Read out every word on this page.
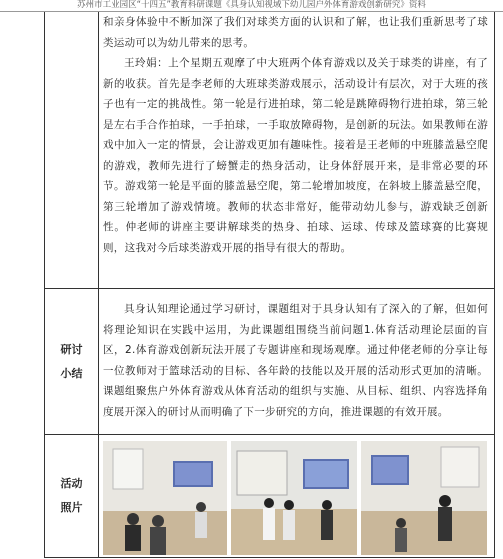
苏州市工业园区“十四五”教育科研课题《具身认知视域下幼儿园户外体育游戏创新研究》资料

和亲身体验中不断加深了我们对球类方面的认识和了解，也让我们重新思考了球类运动可以为幼儿带来的思考。

王玲娟：上个星期五观摩了中大班两个体育游戏以及关于球类的讲座，有了新的收获。首先是李老师的大班球类游戏展示，活动设计有层次，对于大班的孩子也有一定的挑战性。第一轮是行进拍球，第二轮是跳障碍物行进拍球，第三轮是左右手合作拍球，一手拍球，一手取放障碍物，是创新的玩法。如果教师在游戏中加入一定的情景，会让游戏更加有趣味性。接着是王老师的中班膝盖悬空爬的游戏，教师先进行了螃蟹走的热身活动，让身体舒展开来，是非常必要的环节。游戏第一轮是平面的膝盖悬空爬，第二轮增加坡度，在斜坡上膝盖悬空爬，第三轮增加了游戏情境。教师的状态非常好，能带动幼儿参与，游戏缺乏创新性。仲老师的讲座主要讲解球类的热身、拍球、运球、传球及篮球赛的比赛规则，这我对今后球类游戏开展的指导有很大的帮助。

研讨
小结

具身认知理论通过学习研讨，课题组对于具身认知有了深入的了解，但如何将理论知识在实践中运用，为此课题组围绕当前问题1.体育活动理论层面的盲区，2.体育游戏创新玩法开展了专题讲座和现场观摩。通过仲佬老师的分享让每一位教师对于篮球活动的目标、各年龄的技能以及开展的活动形式更加的清晰。课题组聚焦户外体育游戏从体育活动的组织与实施、从目标、组织、内容选择角度展开深入的研讨从而明确了下一步研究的方向，推进课题的有效开展。

活动
照片
